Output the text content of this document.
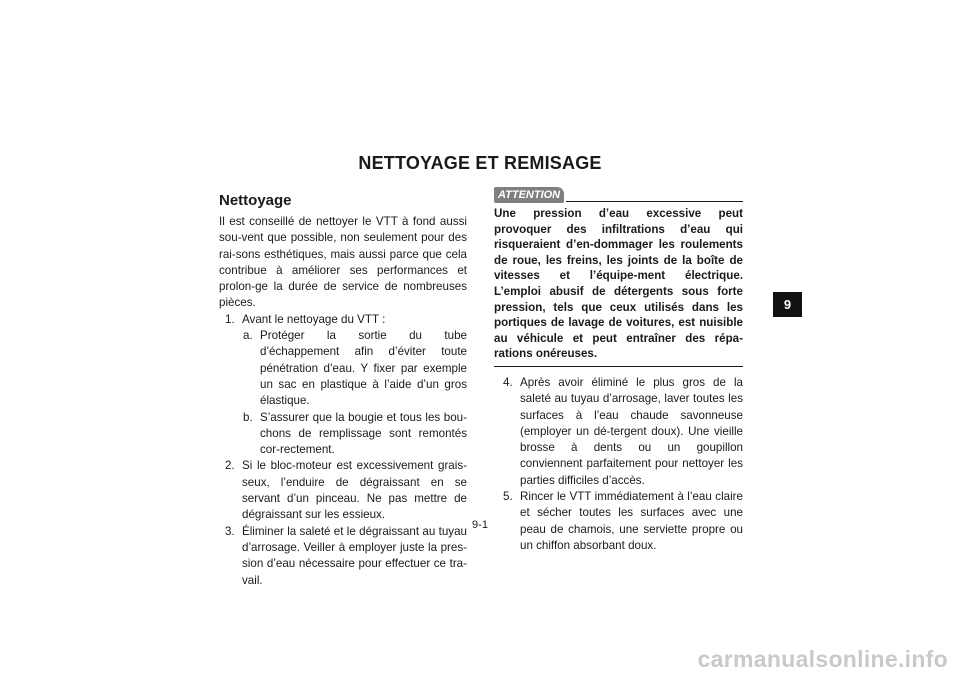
NETTOYAGE ET REMISAGE
Nettoyage

Il est conseillé de nettoyer le VTT à fond aussi sou-vent que possible, non seulement pour des rai-sons esthétiques, mais aussi parce que cela contribue à améliorer ses performances et prolon-ge la durée de service de nombreuses pièces.

1. Avant le nettoyage du VTT :
a. Protéger la sortie du tube d’échappement afin d’éviter toute pénétration d’eau. Y fixer par exemple un sac en plastique à l’aide d’un gros élastique.
b. S’assurer que la bougie et tous les bou-chons de remplissage sont remontés cor-rectement.
2. Si le bloc-moteur est excessivement grais-seux, l’enduire de dégraissant en se servant d’un pinceau. Ne pas mettre de dégraissant sur les essieux.
3. Éliminer la saleté et le dégraissant au tuyau d’arrosage. Veiller à employer juste la pres-sion d’eau nécessaire pour effectuer ce tra-vail.
ATTENTION

Une pression d’eau excessive peut provoquer des infiltrations d’eau qui risqueraient d’en-dommager les roulements de roue, les freins, les joints de la boîte de vitesses et l’équipe-ment électrique. L’emploi abusif de détergents sous forte pression, tels que ceux utilisés dans les portiques de lavage de voitures, est nuisible au véhicule et peut entraîner des répa-rations onéreuses.

4. Après avoir éliminé le plus gros de la saleté au tuyau d’arrosage, laver toutes les surfaces à l’eau chaude savonneuse (employer un dé-tergent doux). Une vieille brosse à dents ou un goupillon conviennent parfaitement pour nettoyer les parties difficiles d’accès.
5. Rincer le VTT immédiatement à l’eau claire et sécher toutes les surfaces avec une peau de chamois, une serviette propre ou un chiffon absorbant doux.
9
9-1
carmanualsonline.info
